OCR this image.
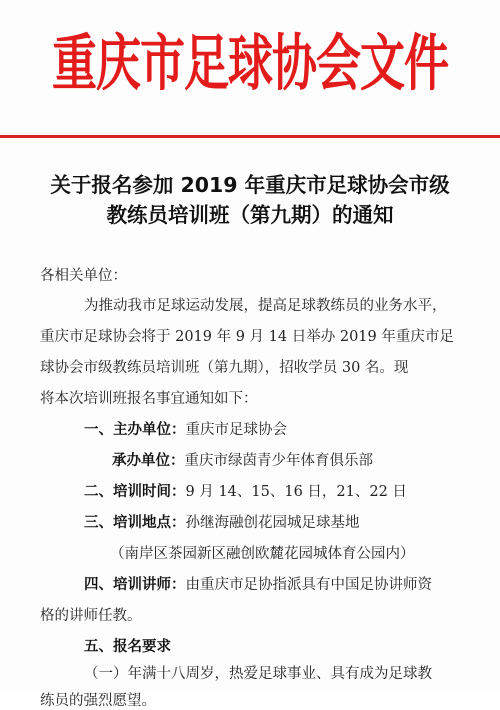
重庆市足球协会文件
关于报名参加 2019 年重庆市足球协会市级
教练员培训班（第九期）的通知
各相关单位：
为推动我市足球运动发展，提高足球教练员的业务水平，
重庆市足球协会将于 2019 年 9 月 14 日举办 2019 年重庆市足
球协会市级教练员培训班（第九期），招收学员 30 名。现
将本次培训班报名事宜通知如下：
一、主办单位：重庆市足球协会
承办单位：重庆市绿茵青少年体育俱乐部
二、培训时间：9 月 14、15、16 日，21、22 日
三、培训地点：孙继海融创花园城足球基地
（南岸区茶园新区融创欧麓花园城体育公园内）
四、培训讲师：由重庆市足协指派具有中国足协讲师资
格的讲师任教。
五、报名要求
（一）年满十八周岁，热爱足球事业、具有成为足球教
练员的强烈愿望。
